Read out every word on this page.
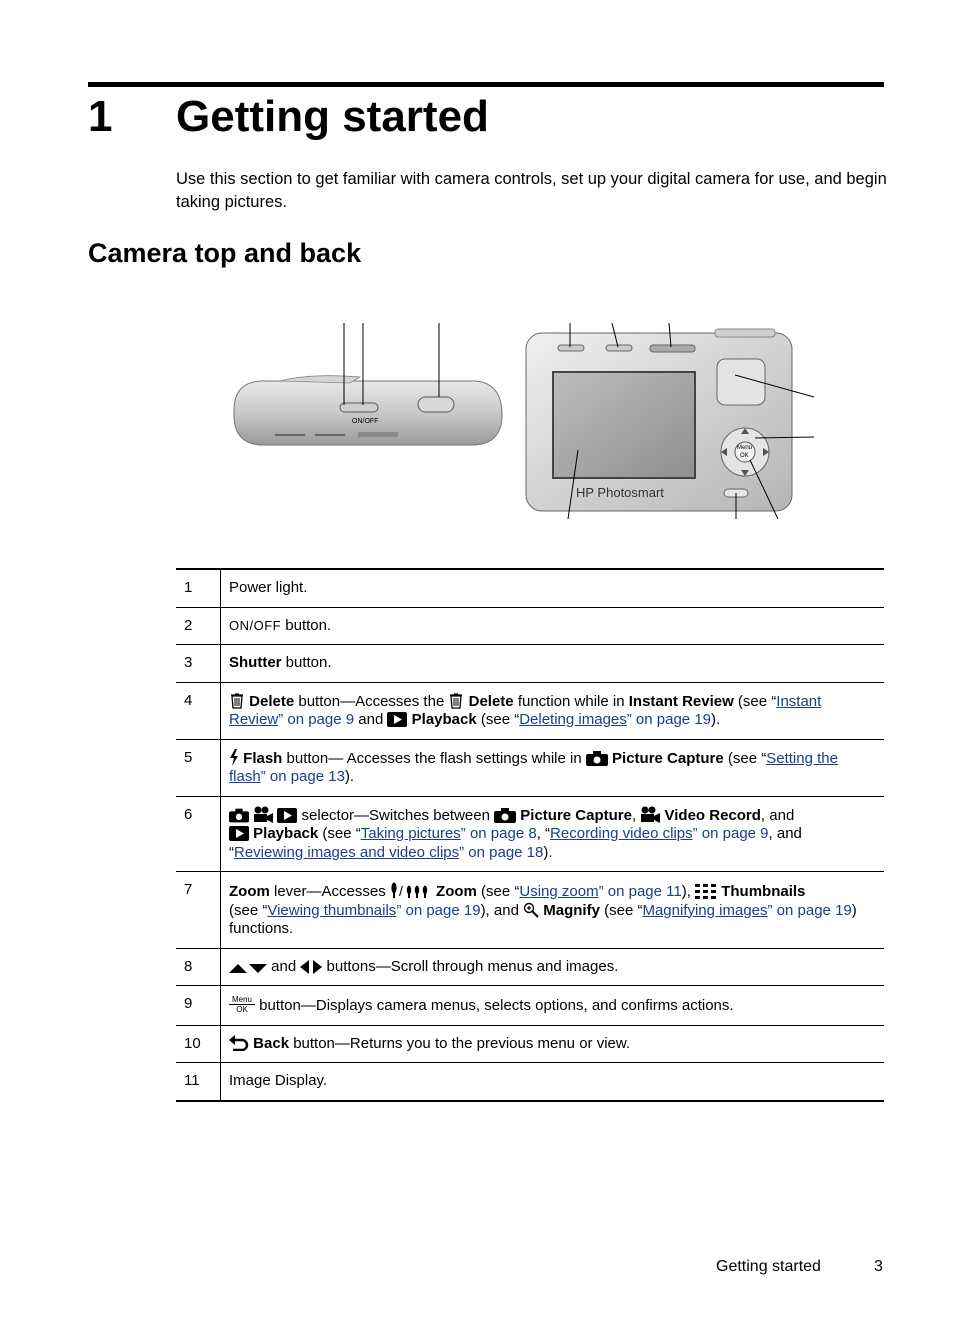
1 Getting started
Use this section to get familiar with camera controls, set up your digital camera for use, and begin taking pictures.
Camera top and back
ON/OFF
Menu
OK
HP Photosmart
1	Power light.
2	ON/OFF button.
3	Shutter button.
4	Delete button—Accesses the  Delete function while in Instant Review (see “Instant Review” on page 9 and  Playback (see “Deleting images” on page 19).
5	Flash button— Accesses the flash settings while in  Picture Capture (see “Setting the flash” on page 13).
6	selector—Switches between  Picture Capture,  Video Record, and
Playback (see “Taking pictures” on page 8, “Recording video clips” on page 9, and “Reviewing images and video clips” on page 18).
7	Zoom lever—Accesses / Zoom (see “Using zoom” on page 11),  Thumbnails
(see “Viewing thumbnails” on page 19), and  Magnify (see “Magnifying images” on page 19) functions.
8	and  buttons—Scroll through menus and images.
9	Menu
OK button—Displays camera menus, selects options, and confirms actions.
10	Back button—Returns you to the previous menu or view.
11	Image Display.
Getting started	3
